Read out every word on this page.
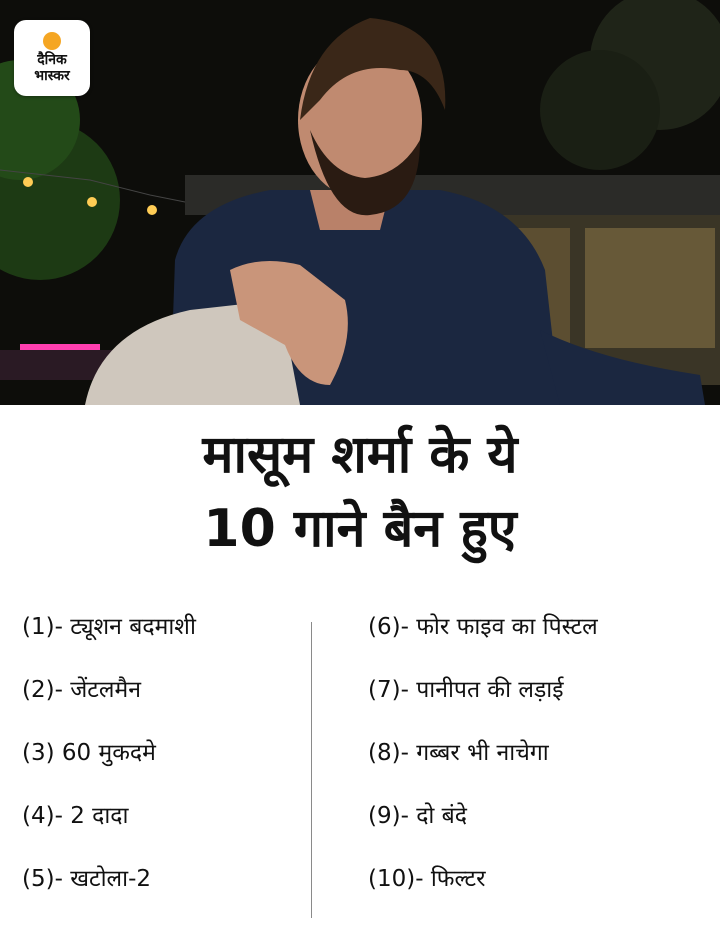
दैनिक
भास्कर
मासूम शर्मा के ये
10 गाने बैन हुए
(1)- ट्यूशन बदमाशी
(2)- जेंटलमैन
(3) 60 मुकदमे
(4)- 2 दादा
(5)- खटोला-2
(6)- फोर फाइव का पिस्टल
(7)- पानीपत की लड़ाई
(8)- गब्बर भी नाचेगा
(9)- दो बंदे
(10)- फिल्टर
